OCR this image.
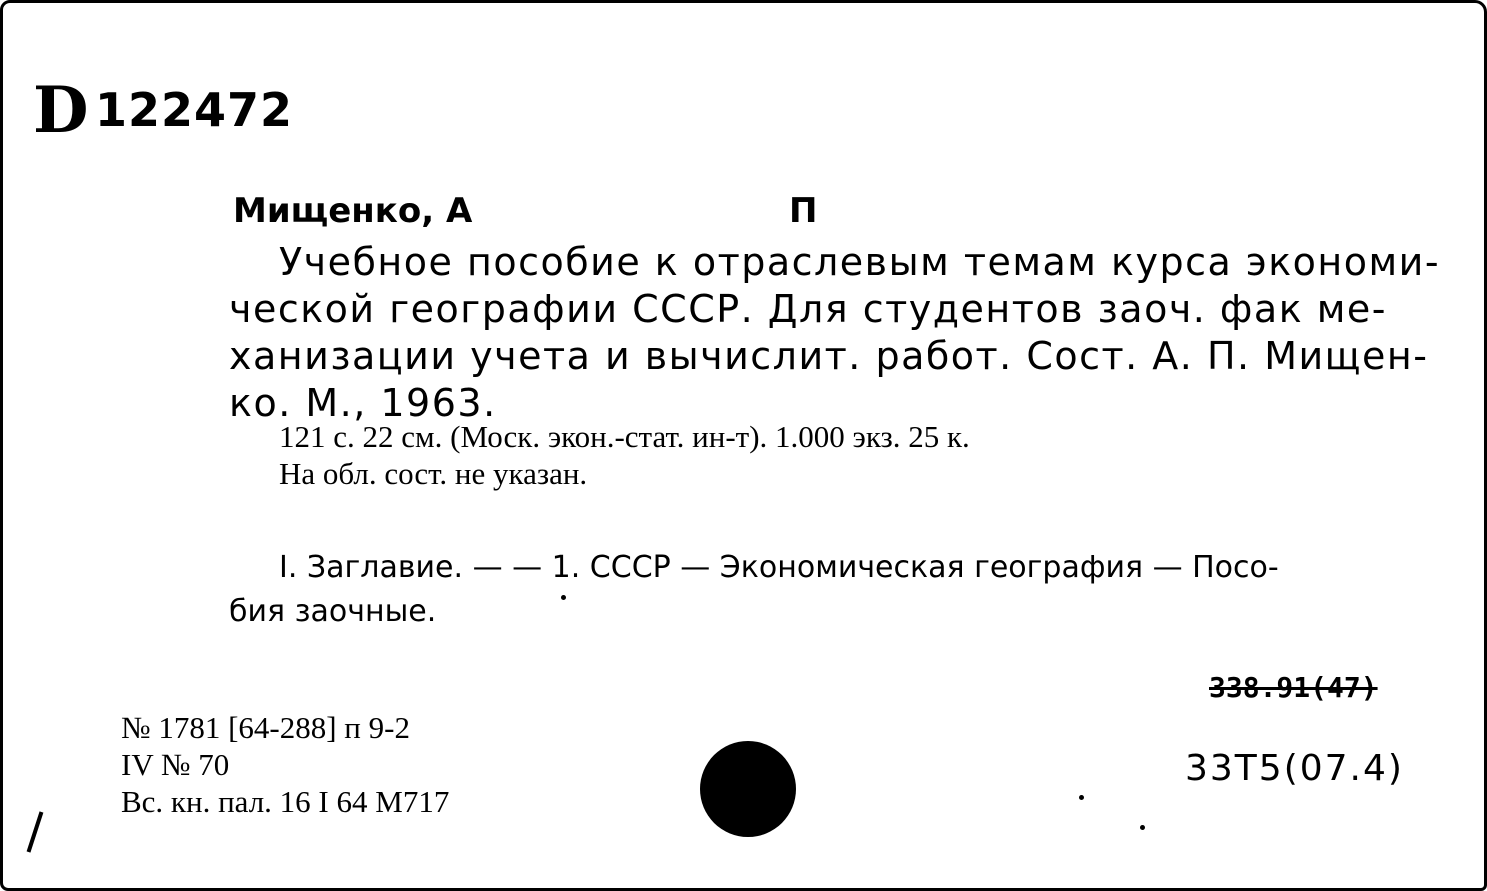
D 122472
Мищенко, А	П
Учебное пособие к отраслевым темам курса экономи-
ческой географии СССР. Для студентов заоч. фак ме-
ханизации учета и вычислит. работ. Сост. А. П. Мищен-
ко. М., 1963.
121 с. 22 см. (Моск. экон.-стат. ин-т). 1.000 экз. 25 к.
На обл. сост. не указан.
I. Заглавие. — — 1. СССР — Экономическая география — Посо-
бия заочные.
338.91(47)
33T5(07.4)
№ 1781 [64-288] п 9-2
IV № 70
Вс. кн. пал. 16 I 64 М717
